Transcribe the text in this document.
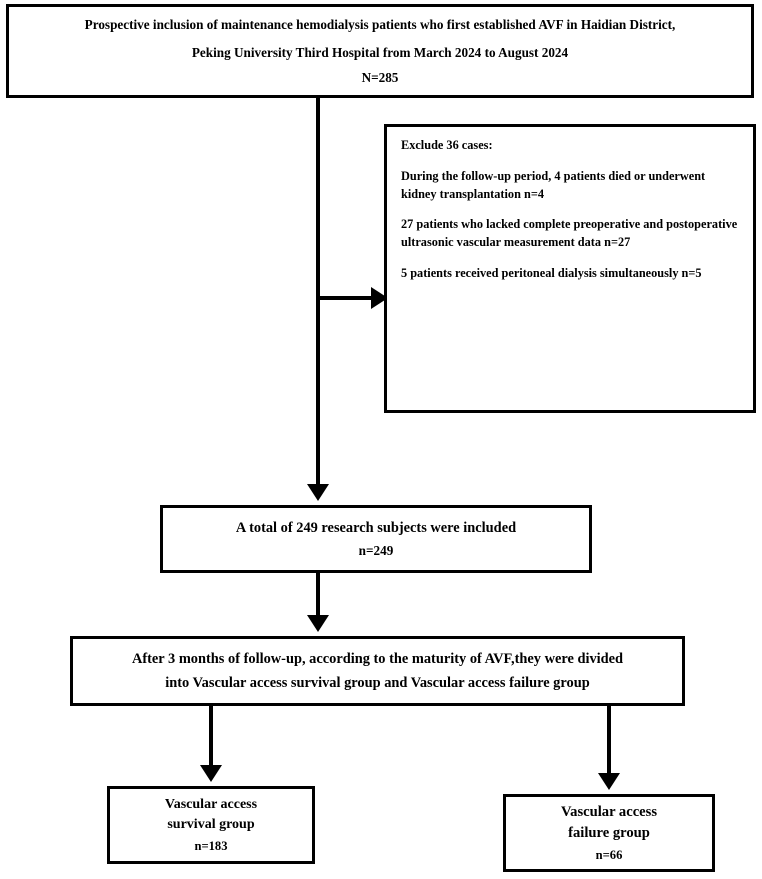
Prospective inclusion of maintenance hemodialysis patients who first established AVF in Haidian District,
Peking University Third Hospital from March 2024 to August 2024
N=285

Exclude 36 cases:

During the follow-up period, 4 patients died or underwent kidney transplantation n=4

27 patients who lacked complete preoperative and postoperative ultrasonic vascular measurement data n=27

5 patients received peritoneal dialysis simultaneously n=5

A total of 249 research subjects were included
n=249
After 3 months of follow-up, according to the maturity of AVF,they were divided
into Vascular access survival group and Vascular access failure group
Vascular access
survival group
n=183
Vascular access
failure group
n=66
